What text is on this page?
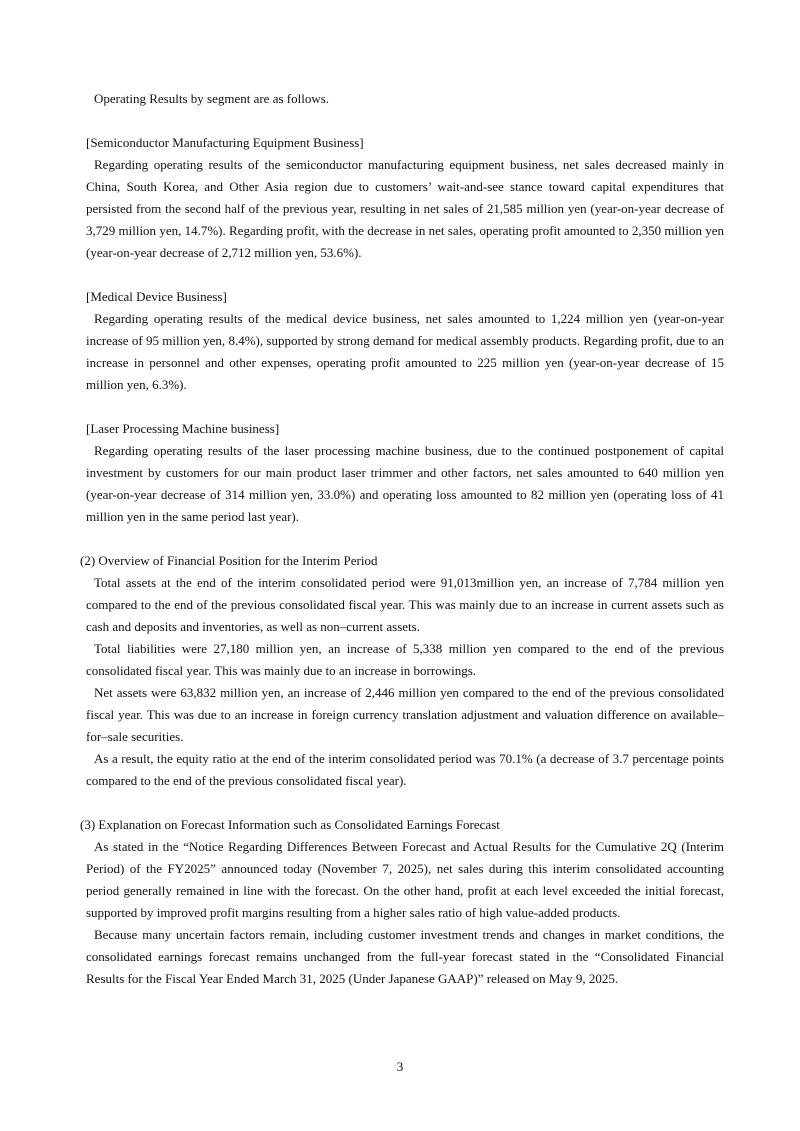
Operating Results by segment are as follows.

[Semiconductor Manufacturing Equipment Business]

Regarding operating results of the semiconductor manufacturing equipment business, net sales decreased mainly in China, South Korea, and Other Asia region due to customers’ wait-and-see stance toward capital expenditures that persisted from the second half of the previous year, resulting in net sales of 21,585 million yen (year-on-year decrease of 3,729 million yen, 14.7%). Regarding profit, with the decrease in net sales, operating profit amounted to 2,350 million yen (year-on-year decrease of 2,712 million yen, 53.6%).

[Medical Device Business]

Regarding operating results of the medical device business, net sales amounted to 1,224 million yen (year-on-year increase of 95 million yen, 8.4%), supported by strong demand for medical assembly products. Regarding profit, due to an increase in personnel and other expenses, operating profit amounted to 225 million yen (year-on-year decrease of 15 million yen, 6.3%).

[Laser Processing Machine business]

Regarding operating results of the laser processing machine business, due to the continued postponement of capital investment by customers for our main product laser trimmer and other factors, net sales amounted to 640 million yen (year-on-year decrease of 314 million yen, 33.0%) and operating loss amounted to 82 million yen (operating loss of 41 million yen in the same period last year).

(2) Overview of Financial Position for the Interim Period

Total assets at the end of the interim consolidated period were 91,013million yen, an increase of 7,784 million yen compared to the end of the previous consolidated fiscal year. This was mainly due to an increase in current assets such as cash and deposits and inventories, as well as non–current assets.

Total liabilities were 27,180 million yen, an increase of 5,338 million yen compared to the end of the previous consolidated fiscal year. This was mainly due to an increase in borrowings.

Net assets were 63,832 million yen, an increase of 2,446 million yen compared to the end of the previous consolidated fiscal year. This was due to an increase in foreign currency translation adjustment and valuation difference on available–for–sale securities.

As a result, the equity ratio at the end of the interim consolidated period was 70.1% (a decrease of 3.7 percentage points compared to the end of the previous consolidated fiscal year).

(3) Explanation on Forecast Information such as Consolidated Earnings Forecast

As stated in the “Notice Regarding Differences Between Forecast and Actual Results for the Cumulative 2Q (Interim Period) of the FY2025” announced today (November 7, 2025), net sales during this interim consolidated accounting period generally remained in line with the forecast. On the other hand, profit at each level exceeded the initial forecast, supported by improved profit margins resulting from a higher sales ratio of high value-added products.

Because many uncertain factors remain, including customer investment trends and changes in market conditions, the consolidated earnings forecast remains unchanged from the full-year forecast stated in the “Consolidated Financial Results for the Fiscal Year Ended March 31, 2025 (Under Japanese GAAP)” released on May 9, 2025.

3
